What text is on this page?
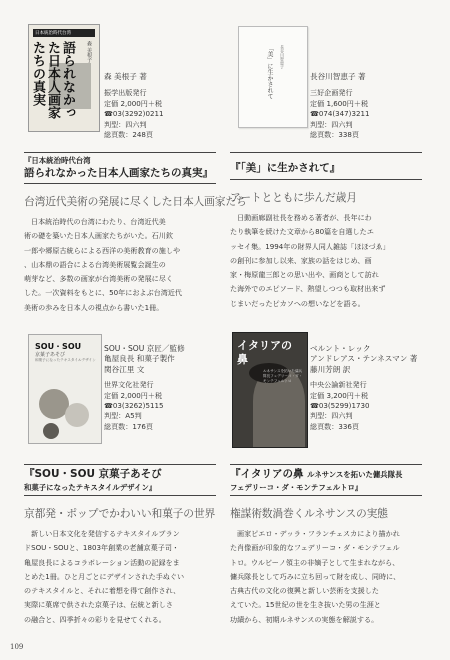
日本統治時代台湾
語られなかった日本人画家たちの真実	森 美根子
森 美根子 著
振学出版発行
定価 2,000円＋税
☎03(3292)0211
判型：四六判
総頁数：248頁
『日本統治時代台湾
語られなかった日本人画家たちの真実』
台湾近代美術の発展に尽くした日本人画家たち
日本統治時代の台湾にわたり、台湾近代美
術の礎を築いた日本人画家たちがいた。石川欽
一郎や郷原古統らによる西洋の美術教育の施しや
、山本鼎の語合による台湾美術展覧会誕生の
萌芽など、多数の画家が台湾美術の発展に尽く
した。一次資料をもとに、50年におよぶ台湾近代
美術の歩みを日本人の視点から書いた1冊。
「美」に生かされて 長谷川智恵子
長谷川智恵子 著
三好企画発行
定価 1,600円＋税
☎074(347)3211
判型：四六判
総頁数：338頁
『「美」に生かされて』
アートとともに歩んだ歳月
日動画廊副社長を務める著者が、長年にわ
たり執筆を続けた文章から80篇を自選したエ
ッセイ集。1994年の財界人同人雑誌「ほほづゑ」
の創刊に参加し以来、家族の話をはじめ、画
家・梅原龍三郎との思い出や、画商として訪れ
た海外でのエピソード、熱望しつつも取材出来ず
じまいだったピカソへの想いなどを語る。
SOU・SOU
京菓子あそび
和菓子になったテキスタイルデザイン
SOU・SOU 京匠／監修
亀屋良長 和菓子製作
関谷江里 文
世界文化社発行
定価 2,000円＋税
☎03(3262)5115
判型：A5判
総頁数：176頁
『SOU・SOU 京菓子あそび
和菓子になったテキスタイルデザイン』
京都発・ポップでかわいい和菓子の世界
新しい日本文化を発信するテキスタイルブラン
ドSOU・SOUと、1803年創業の老舗京菓子司・
亀屋良長によるコラボレーション活動の記録をま
とめた1冊。ひと月ごとにデザインされた手ぬぐい
のテキスタイルと、それに着想を得て創作され、
実際に菓席で供された京菓子は、伝統と新しさ
の融合と、四季折々の彩りを見せてくれる。
イタリアの
鼻
ルネサンスを拓いた傭兵隊長フェデリーコ・ダ・モンテフェルトロ
ベルント・レック
アンドレアス・テンネスマン 著
藤川芳朗 訳
中央公論新社発行
定価 3,200円＋税
☎03(5299)1730
判型：四六判
総頁数：336頁
『イタリアの鼻 ルネサンスを拓いた傭兵隊長
フェデリーコ・ダ・モンテフェルトロ』
権謀術数渦巻くルネサンスの実態
画家ピエロ・デッラ・フランチェスカにより描かれ
た肖像画が印象的なフェデリーコ・ダ・モンテフェル
トロ。ウルビーノ領主の非嫡子として生まれながら、
傭兵隊長として巧みに立ち回って財を成し、同時に、
古典古代の文化の復興と新しい芸術を支援した
えていた。15世紀の世を生き抜いた男の生涯と
功績から、初期ルネサンスの実態を解説する。
109
